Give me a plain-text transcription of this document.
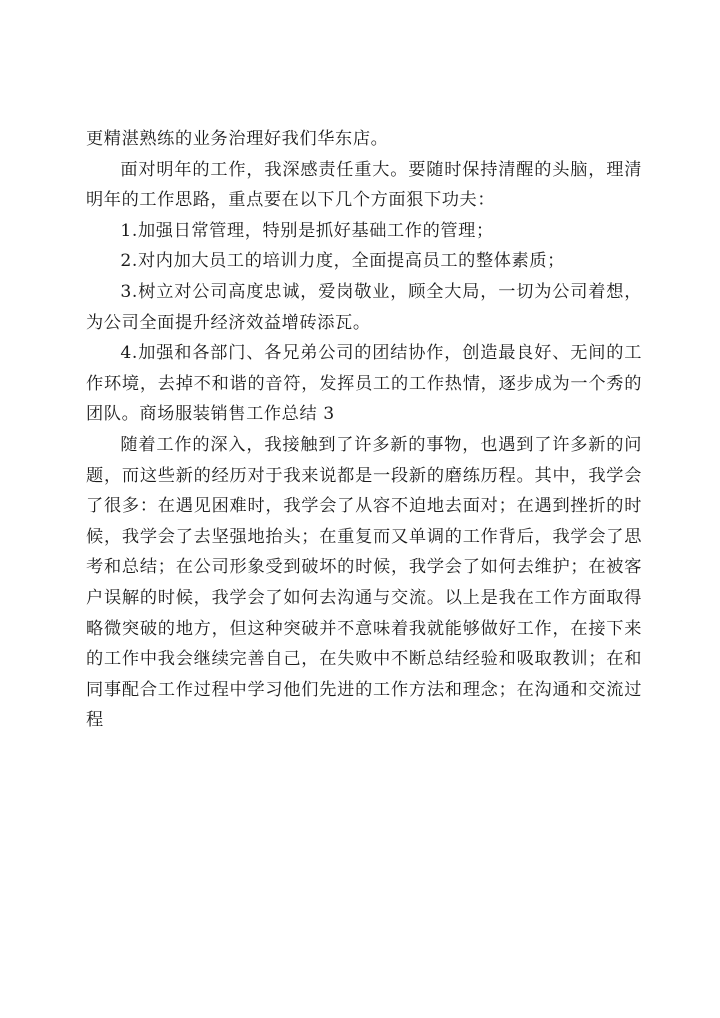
更精湛熟练的业务治理好我们华东店。

面对明年的工作，我深感责任重大。要随时保持清醒的头脑，理清明年的工作思路，重点要在以下几个方面狠下功夫：

1.加强日常管理，特别是抓好基础工作的管理；

2.对内加大员工的培训力度，全面提高员工的整体素质；

3.树立对公司高度忠诚，爱岗敬业，顾全大局，一切为公司着想，为公司全面提升经济效益增砖添瓦。

4.加强和各部门、各兄弟公司的团结协作，创造最良好、无间的工作环境，去掉不和谐的音符，发挥员工的工作热情，逐步成为一个秀的团队。商场服装销售工作总结 3

随着工作的深入，我接触到了许多新的事物，也遇到了许多新的问题，而这些新的经历对于我来说都是一段新的磨练历程。其中，我学会了很多：在遇见困难时，我学会了从容不迫地去面对；在遇到挫折的时候，我学会了去坚强地抬头；在重复而又单调的工作背后，我学会了思考和总结；在公司形象受到破坏的时候，我学会了如何去维护；在被客户误解的时候，我学会了如何去沟通与交流。以上是我在工作方面取得略微突破的地方，但这种突破并不意味着我就能够做好工作，在接下来的工作中我会继续完善自己，在失败中不断总结经验和吸取教训；在和同事配合工作过程中学习他们先进的工作方法和理念；在沟通和交流过程
